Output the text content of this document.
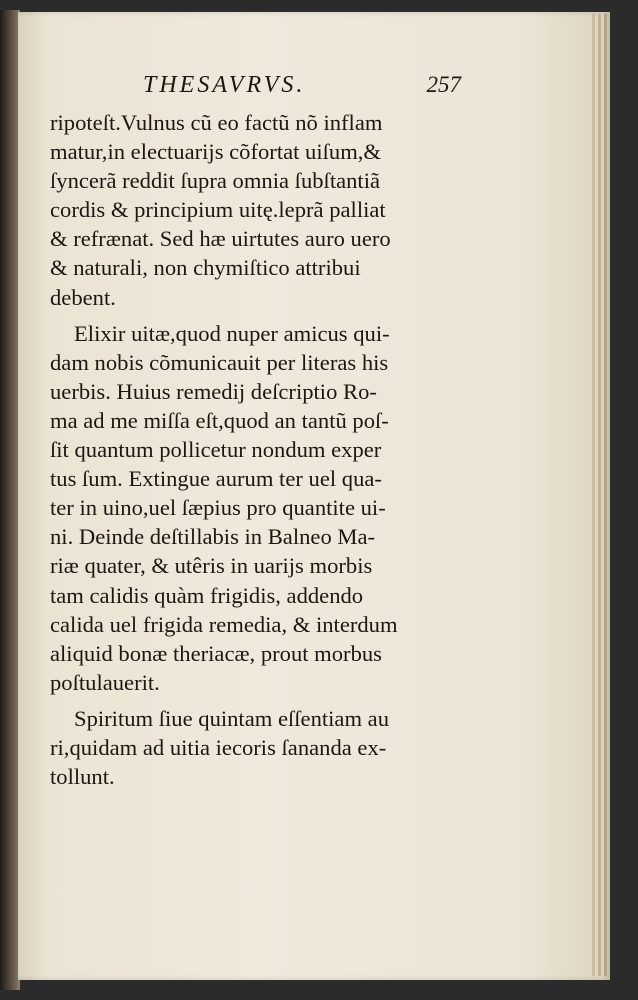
THESAVRVS.	257
ripoteſt.Vulnus cũ eo factũ nõ inflam
matur,in electuarijs cõfortat uiſum,&
ſyncerã reddit ſupra omnia ſubſtantiã
cordis & principium uitę.leprã palliat
& refrænat. Sed hæ uirtutes auro uero
& naturali, non chymiſtico attribui
debent.
Elixir uitæ,quod nuper amicus qui-
dam nobis cõmunicauit per literas his
uerbis. Huius remedij deſcriptio Ro-
ma ad me miſſa eſt,quod an tantũ poſ-
ſit quantum pollicetur nondum exper
tus ſum. Extingue aurum ter uel qua-
ter in uino,uel ſæpius pro quantite ui-
ni. Deinde deſtillabis in Balneo Ma-
riæ quater, & utêris in uarijs morbis
tam calidis quàm frigidis, addendo
calida uel frigida remedia, & interdum
aliquid bonæ theriacæ, prout morbus
poſtulauerit.
Spiritum ſiue quintam eſſentiam au
ri,quidam ad uitia iecoris ſananda ex-
tollunt.
